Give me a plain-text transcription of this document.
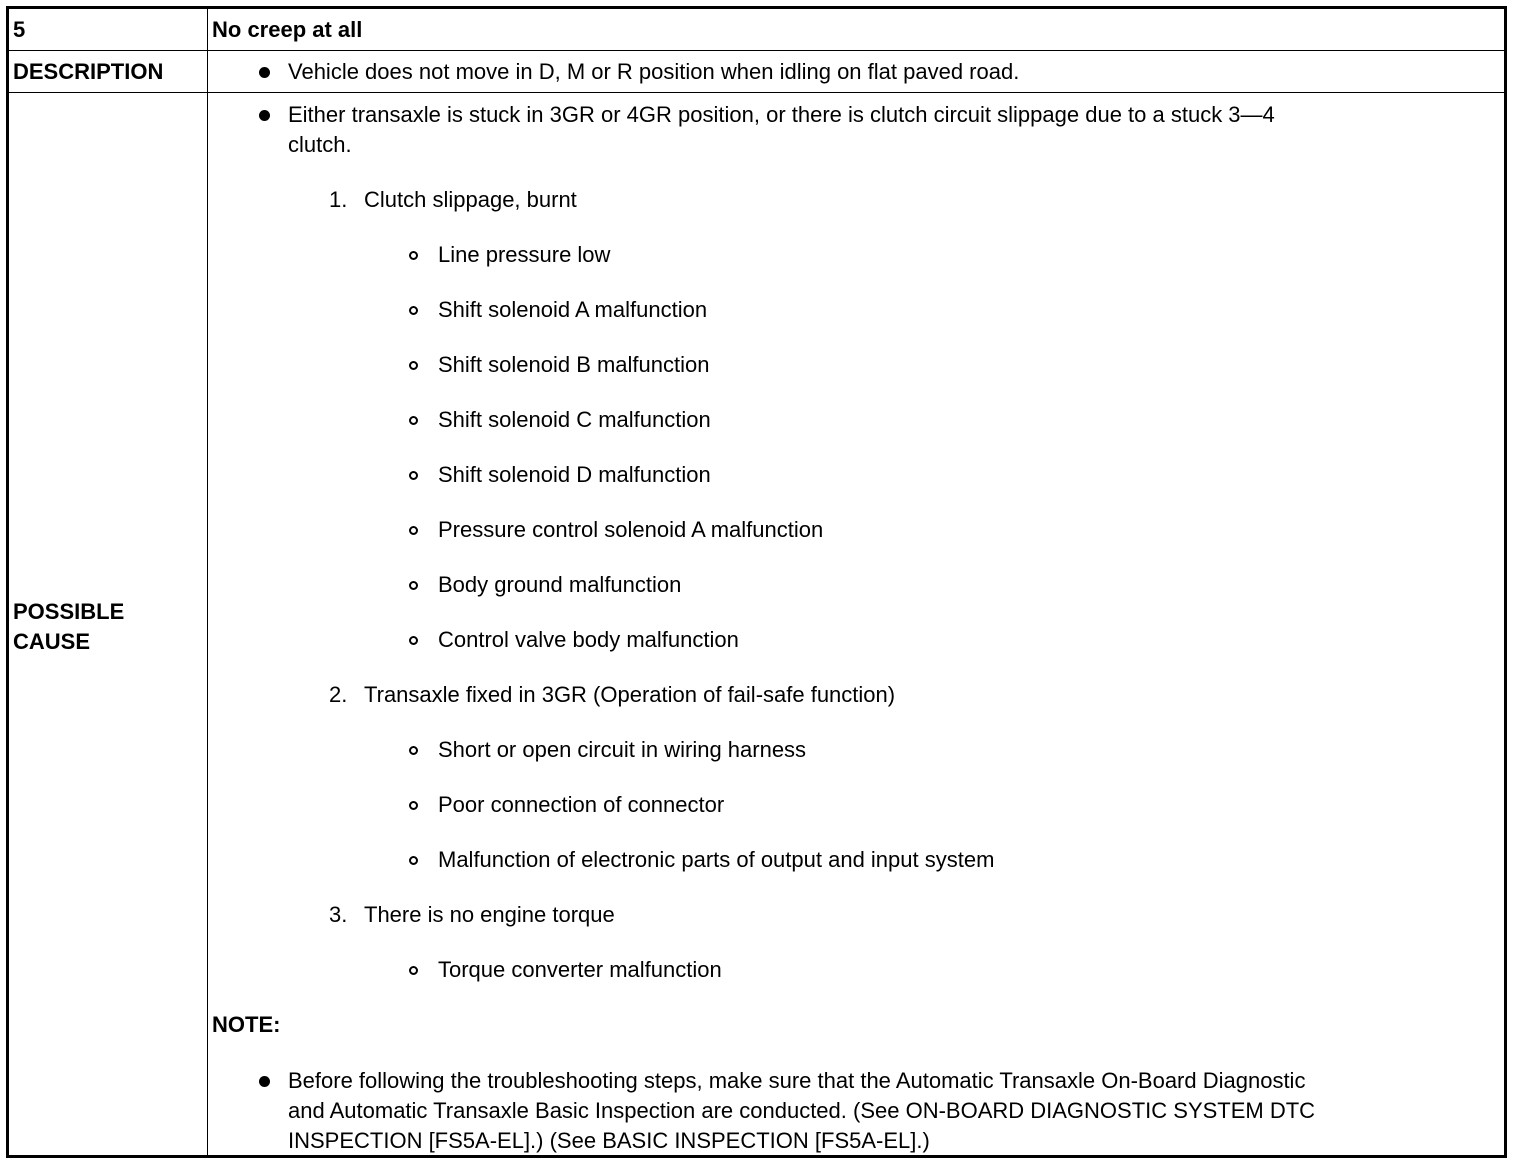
5	No creep at all
DESCRIPTION	Vehicle does not move in D, M or R position when idling on flat paved road.
POSSIBLE
CAUSE
Either transaxle is stuck in 3GR or 4GR position, or there is clutch circuit slippage due to a stuck 3—4
clutch.
1. Clutch slippage, burnt
Line pressure low
Shift solenoid A malfunction
Shift solenoid B malfunction
Shift solenoid C malfunction
Shift solenoid D malfunction
Pressure control solenoid A malfunction
Body ground malfunction
Control valve body malfunction
2. Transaxle fixed in 3GR (Operation of fail-safe function)
Short or open circuit in wiring harness
Poor connection of connector
Malfunction of electronic parts of output and input system
3. There is no engine torque
Torque converter malfunction
NOTE:
Before following the troubleshooting steps, make sure that the Automatic Transaxle On-Board Diagnostic
and Automatic Transaxle Basic Inspection are conducted. (See ON-BOARD DIAGNOSTIC SYSTEM DTC
INSPECTION [FS5A-EL].) (See BASIC INSPECTION [FS5A-EL].)
